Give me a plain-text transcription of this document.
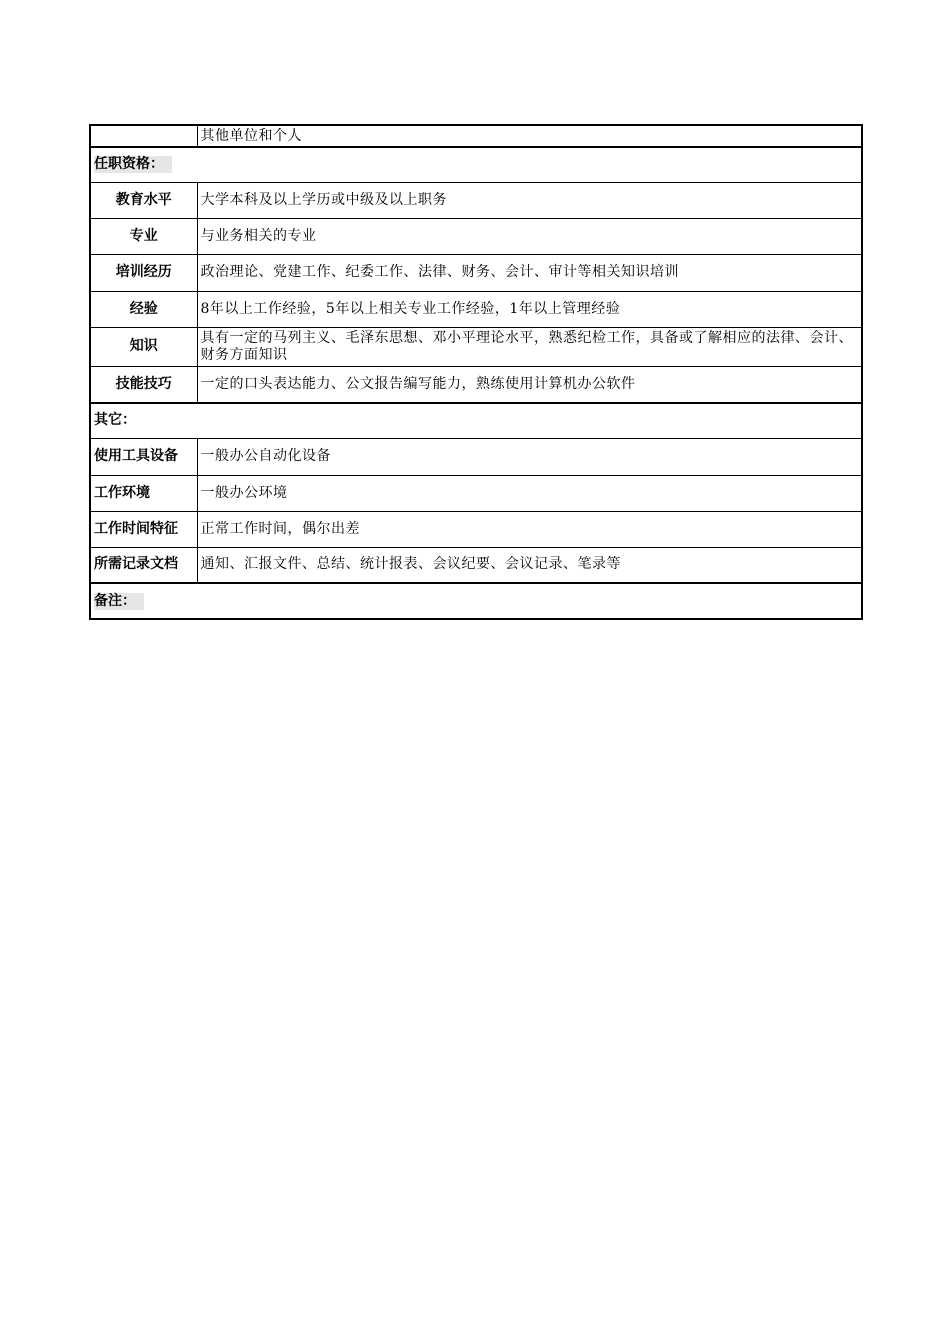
	其他单位和个人
任职资格：	
教育水平	大学本科及以上学历或中级及以上职务
专业	与业务相关的专业
培训经历	政治理论、党建工作、纪委工作、法律、财务、会计、审计等相关知识培训
经验	8年以上工作经验，5年以上相关专业工作经验，1年以上管理经验
知识	具有一定的马列主义、毛泽东思想、邓小平理论水平，熟悉纪检工作，具备或了解相应的法律、会计、财务方面知识
技能技巧	一定的口头表达能力、公文报告编写能力，熟练使用计算机办公软件
其它：	
使用工具设备	一般办公自动化设备
工作环境	一般办公环境
工作时间特征	正常工作时间，偶尔出差
所需记录文档	通知、汇报文件、总结、统计报表、会议纪要、会议记录、笔录等
备注：	
